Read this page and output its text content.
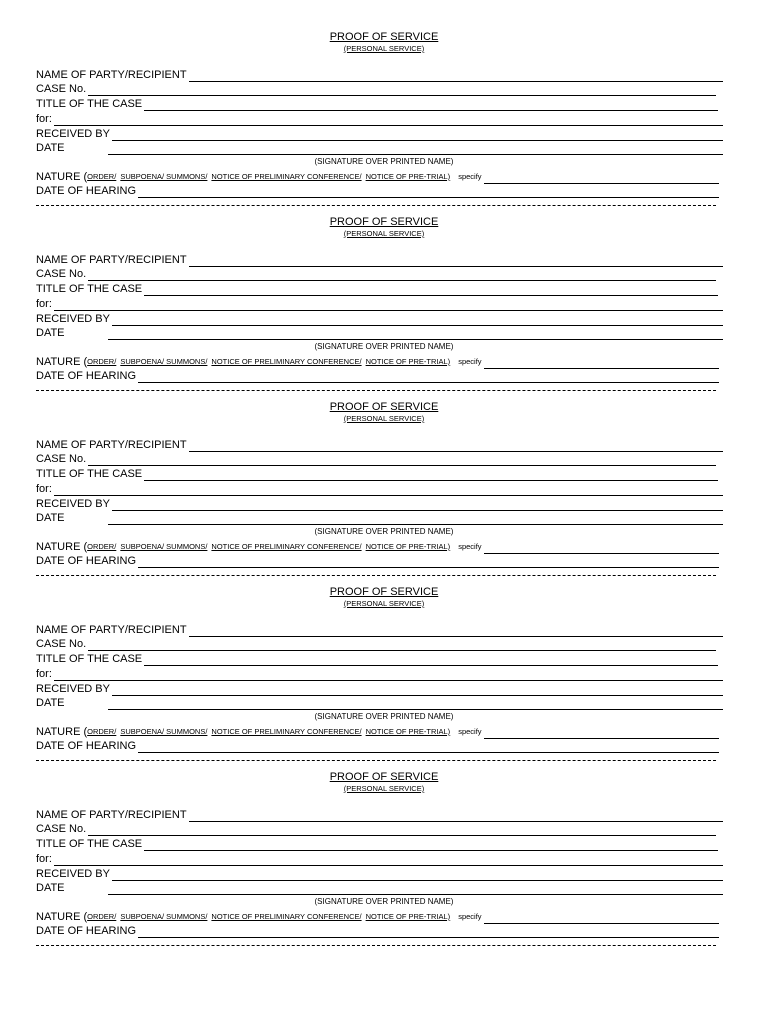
PROOF OF SERVICE
(PERSONAL SERVICE)
NAME OF PARTY/RECIPIENT
CASE No.
TITLE OF THE CASE
for:
RECEIVED BY
DATE
(SIGNATURE OVER PRINTED NAME)
NATURE ( ORDER/ SUBPOENA/ SUMMONS/ NOTICE OF PRELIMINARY CONFERENCE/ NOTICE OF PRE-TRIAL) specify
DATE OF HEARING
PROOF OF SERVICE
(PERSONAL SERVICE)
NAME OF PARTY/RECIPIENT
CASE No.
TITLE OF THE CASE
for:
RECEIVED BY
DATE
(SIGNATURE OVER PRINTED NAME)
NATURE ( ORDER/ SUBPOENA/ SUMMONS/ NOTICE OF PRELIMINARY CONFERENCE/ NOTICE OF PRE-TRIAL) specify
DATE OF HEARING
PROOF OF SERVICE
(PERSONAL SERVICE)
NAME OF PARTY/RECIPIENT
CASE No.
TITLE OF THE CASE
for:
RECEIVED BY
DATE
(SIGNATURE OVER PRINTED NAME)
NATURE ( ORDER/ SUBPOENA/ SUMMONS/ NOTICE OF PRELIMINARY CONFERENCE/ NOTICE OF PRE-TRIAL) specify
DATE OF HEARING
PROOF OF SERVICE
(PERSONAL SERVICE)
NAME OF PARTY/RECIPIENT
CASE No.
TITLE OF THE CASE
for:
RECEIVED BY
DATE
(SIGNATURE OVER PRINTED NAME)
NATURE ( ORDER/ SUBPOENA/ SUMMONS/ NOTICE OF PRELIMINARY CONFERENCE/ NOTICE OF PRE-TRIAL) specify
DATE OF HEARING
PROOF OF SERVICE
(PERSONAL SERVICE)
NAME OF PARTY/RECIPIENT
CASE No.
TITLE OF THE CASE
for:
RECEIVED BY
DATE
(SIGNATURE OVER PRINTED NAME)
NATURE ( ORDER/ SUBPOENA/ SUMMONS/ NOTICE OF PRELIMINARY CONFERENCE/ NOTICE OF PRE-TRIAL) specify
DATE OF HEARING
